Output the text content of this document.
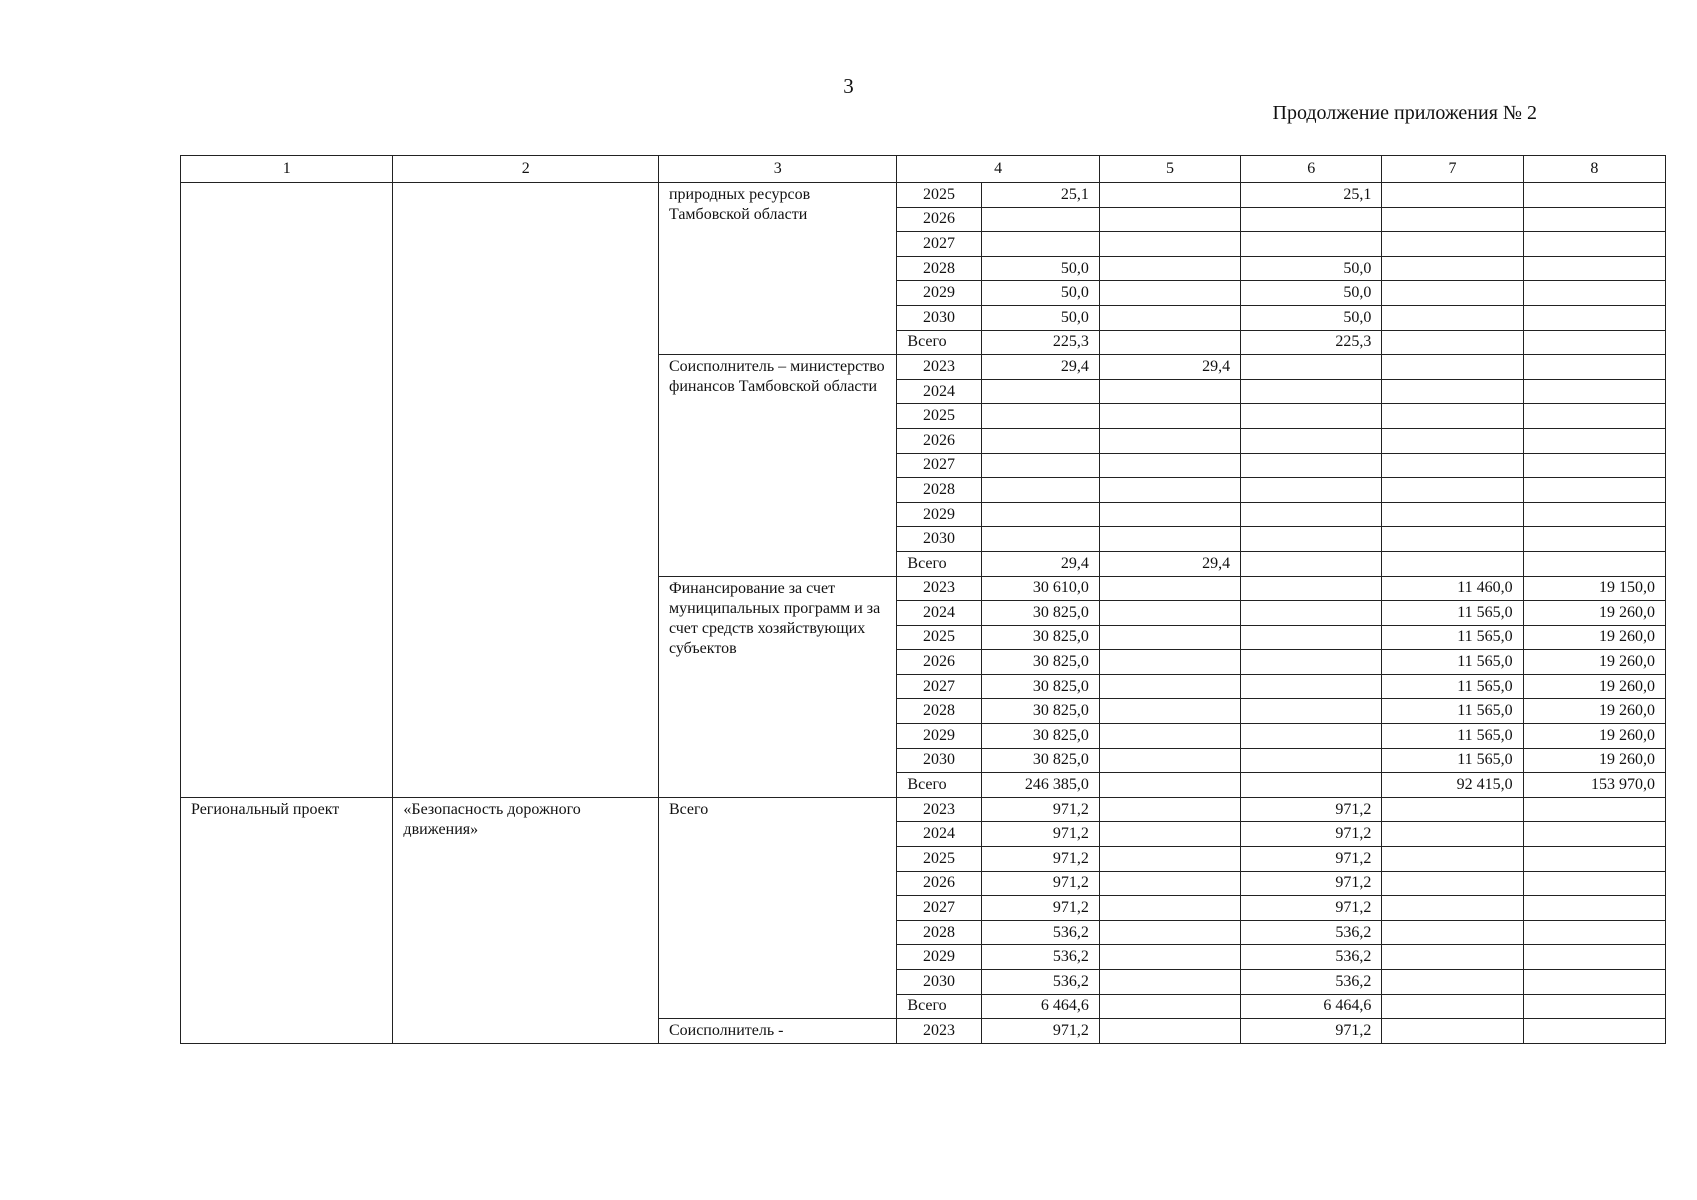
3
Продолжение приложения № 2
1	2	3	4		5	6	7	8
		природных ресурсов Тамбовской области	2025	25,1		25,1		
			2026					
			2027					
			2028	50,0		50,0		
			2029	50,0		50,0		
			2030	50,0		50,0		
			Всего	225,3		225,3		
		Соисполнитель – министерство финансов Тамбовской области	2023	29,4	29,4			
			2024					
			2025					
			2026					
			2027					
			2028					
			2029					
			2030					
			Всего	29,4	29,4			
		Финансирование за счет муниципальных программ и за счет средств хозяйствующих субъектов	2023	30 610,0			11 460,0	19 150,0
			2024	30 825,0			11 565,0	19 260,0
			2025	30 825,0			11 565,0	19 260,0
			2026	30 825,0			11 565,0	19 260,0
			2027	30 825,0			11 565,0	19 260,0
			2028	30 825,0			11 565,0	19 260,0
			2029	30 825,0			11 565,0	19 260,0
			2030	30 825,0			11 565,0	19 260,0
			Всего	246 385,0			92 415,0	153 970,0
Региональный проект	«Безопасность дорожного движения»	Всего	2023	971,2		971,2		
			2024	971,2		971,2		
			2025	971,2		971,2		
			2026	971,2		971,2		
			2027	971,2		971,2		
			2028	536,2		536,2		
			2029	536,2		536,2		
			2030	536,2		536,2		
			Всего	6 464,6		6 464,6		
		Соисполнитель -	2023	971,2		971,2		
